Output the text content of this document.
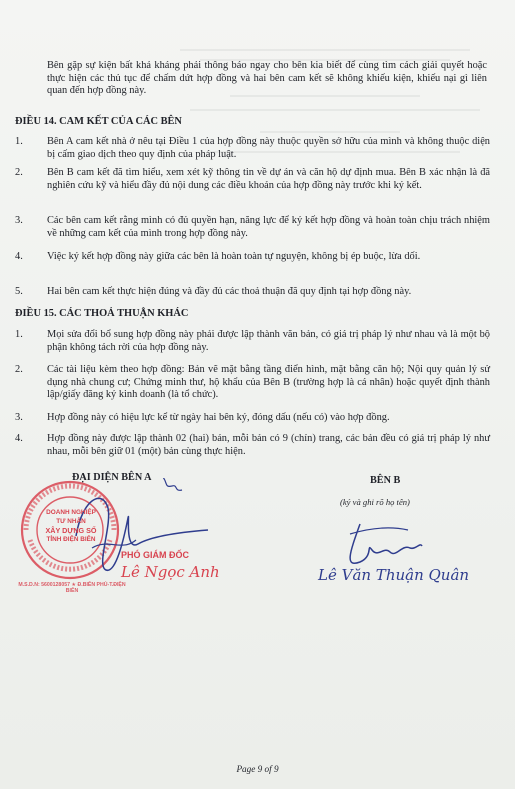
Bên gặp sự kiện bất khả kháng phải thông báo ngay cho bên kia biết để cùng tìm cách giải quyết hoặc thực hiện các thủ tục để chấm dứt hợp đồng và hai bên cam kết sẽ không khiếu kiện, khiếu nại gì liên quan đến hợp đồng này.
ĐIỀU 14. CAM KẾT CỦA CÁC BÊN
1. Bên A cam kết nhà ở nêu tại Điều 1 của hợp đồng này thuộc quyền sở hữu của mình và không thuộc diện bị cấm giao dịch theo quy định của pháp luật.
2. Bên B cam kết đã tìm hiểu, xem xét kỹ thông tin về dự án và căn hộ dự định mua. Bên B xác nhận là đã nghiên cứu kỹ và hiểu đầy đủ nội dung các điều khoản của hợp đồng này trước khi ký kết.
3. Các bên cam kết rằng mình có đủ quyền hạn, năng lực để ký kết hợp đồng và hoàn toàn chịu trách nhiệm về những cam kết của mình trong hợp đồng này.
4. Việc ký kết hợp đồng này giữa các bên là hoàn toàn tự nguyện, không bị ép buộc, lừa dối.
5. Hai bên cam kết thực hiện đúng và đầy đủ các thoả thuận đã quy định tại hợp đồng này.
ĐIỀU 15. CÁC THOẢ THUẬN KHÁC
1. Mọi sửa đổi bổ sung hợp đồng này phải được lập thành văn bản, có giá trị pháp lý như nhau và là một bộ phận không tách rời của hợp đồng này.
2. Các tài liệu kèm theo hợp đồng: Bản vẽ mặt bằng tầng điển hình, mặt bằng căn hộ; Nội quy quản lý sử dụng nhà chung cư; Chứng minh thư, hộ khẩu của Bên B (trường hợp là cá nhân) hoặc quyết định thành lập/giấy đăng ký kinh doanh (là tổ chức).
3. Hợp đồng này có hiệu lực kể từ ngày hai bên ký, đóng dấu (nếu có) vào hợp đồng.
4. Hợp đồng này được lập thành 02 (hai) bản, mỗi bản có 9 (chín) trang, các bản đều có giá trị pháp lý như nhau, mỗi bên giữ 01 (một) bản cùng thực hiện.
ĐẠI DIỆN BÊN A
DOANH NGHIỆP
TƯ NHÂN
XÂY DỰNG SỐ
TỈNH ĐIỆN BIÊN
M.S.D.N: 5600128057 ★ Đ.BIÊN PHỦ-T.ĐIỆN BIÊN
PHÓ GIÁM ĐỐC
Lê Ngọc Anh
BÊN B
(ký và ghi rõ họ tên)
Lê Văn Thuận Quân
Page 9 of 9
